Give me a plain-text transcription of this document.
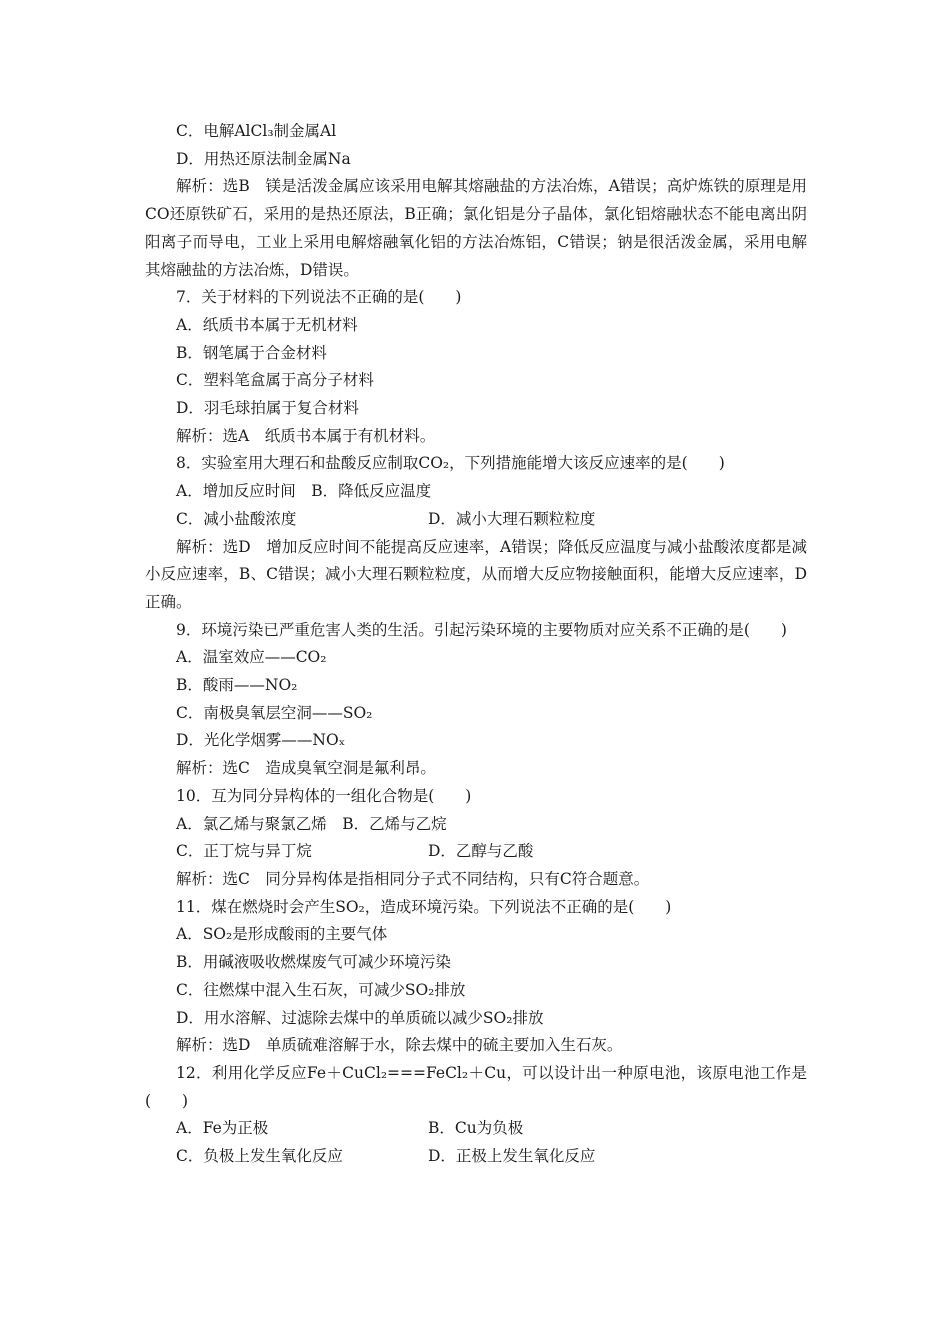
C．电解AlCl₃制金属Al
D．用热还原法制金属Na
解析：选B　镁是活泼金属应该采用电解其熔融盐的方法冶炼，A错误；高炉炼铁的原理是用CO还原铁矿石，采用的是热还原法，B正确；氯化铝是分子晶体，氯化铝熔融状态不能电离出阴阳离子而导电，工业上采用电解熔融氧化铝的方法冶炼铝，C错误；钠是很活泼金属，采用电解其熔融盐的方法冶炼，D错误。
7．关于材料的下列说法不正确的是(　　)
A．纸质书本属于无机材料
B．钢笔属于合金材料
C．塑料笔盒属于高分子材料
D．羽毛球拍属于复合材料
解析：选A　纸质书本属于有机材料。
8．实验室用大理石和盐酸反应制取CO₂，下列措施能增大该反应速率的是(　　)
A．增加反应时间　B．降低反应温度
C．减小盐酸浓度	D．减小大理石颗粒粒度
解析：选D　增加反应时间不能提高反应速率，A错误；降低反应温度与减小盐酸浓度都是减小反应速率，B、C错误；减小大理石颗粒粒度，从而增大反应物接触面积，能增大反应速率，D正确。
9．环境污染已严重危害人类的生活。引起污染环境的主要物质对应关系不正确的是(　　)
A．温室效应——CO₂
B．酸雨——NO₂
C．南极臭氧层空洞——SO₂
D．光化学烟雾——NOₓ
解析：选C　造成臭氧空洞是氟利昂。
10．互为同分异构体的一组化合物是(　　)
A．氯乙烯与聚氯乙烯　B．乙烯与乙烷
C．正丁烷与异丁烷	D．乙醇与乙酸
解析：选C　同分异构体是指相同分子式不同结构，只有C符合题意。
11．煤在燃烧时会产生SO₂，造成环境污染。下列说法不正确的是(　　)
A．SO₂是形成酸雨的主要气体
B．用碱液吸收燃煤废气可减少环境污染
C．往燃煤中混入生石灰，可减少SO₂排放
D．用水溶解、过滤除去煤中的单质硫以减少SO₂排放
解析：选D　单质硫难溶解于水，除去煤中的硫主要加入生石灰。
12．利用化学反应Fe＋CuCl₂===FeCl₂＋Cu，可以设计出一种原电池，该原电池工作是(　　)
A．Fe为正极	B．Cu为负极
C．负极上发生氧化反应	D．正极上发生氧化反应
